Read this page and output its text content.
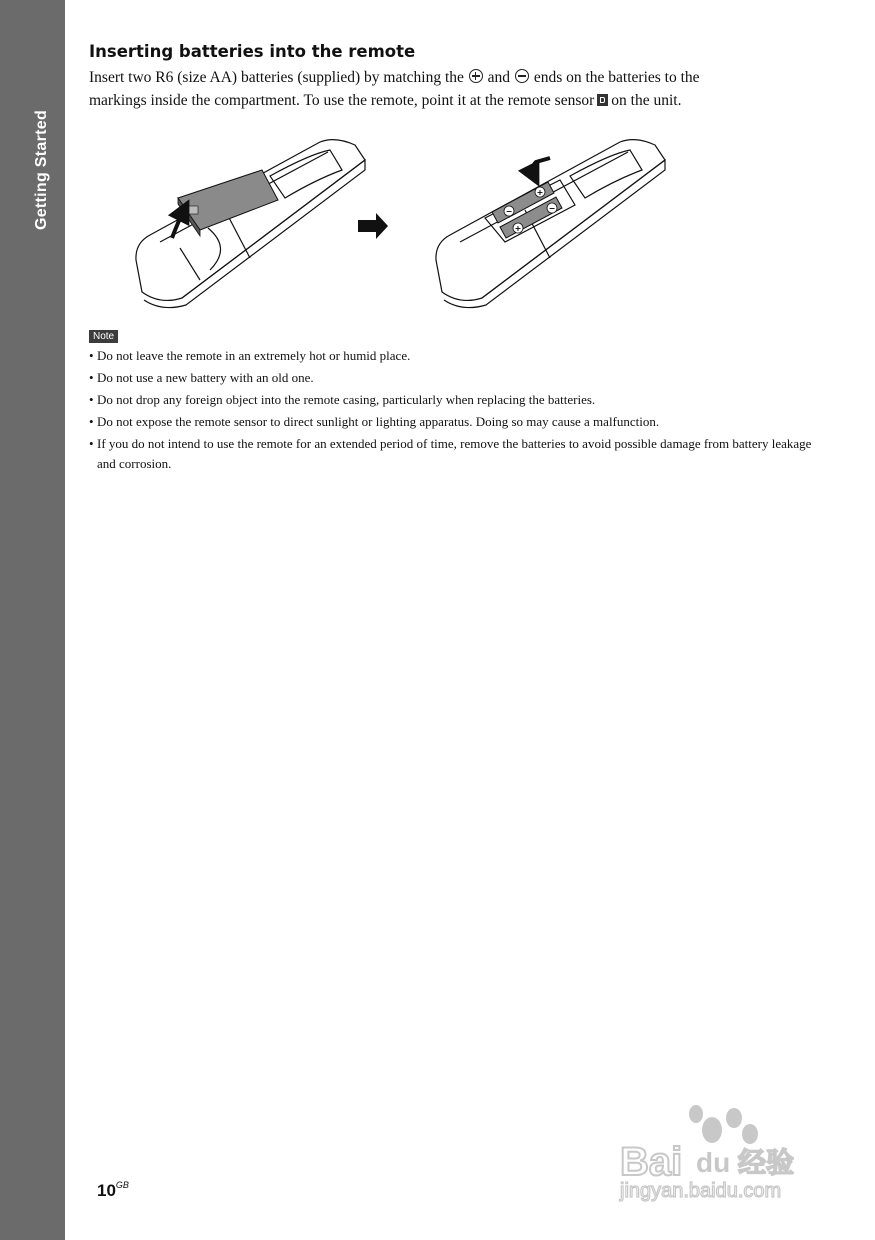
Getting Started
Inserting batteries into the remote

Insert two R6 (size AA) batteries (supplied) by matching the and ends on the batteries to the

markings inside the compartment. To use the remote, point it at the remote sensor on the unit.

−
+
+
−
Note
• Do not leave the remote in an extremely hot or humid place.
• Do not use a new battery with an old one.
• Do not drop any foreign object into the remote casing, particularly when replacing the batteries.
• Do not expose the remote sensor to direct sunlight or lighting apparatus. Doing so may cause a malfunction.
• If you do not intend to use the remote for an extended period of time, remove the batteries to avoid possible damage from battery leakage and corrosion.
$10^{GB}$
Bai du 经验
jingyan.baidu.com
